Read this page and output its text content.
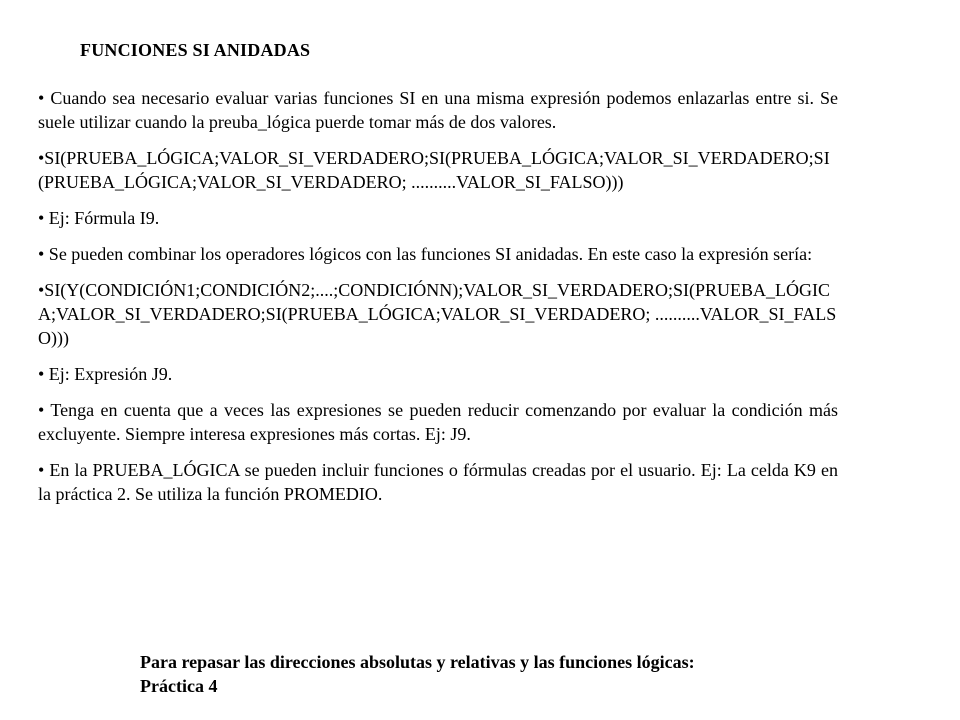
FUNCIONES SI ANIDADAS

• Cuando sea necesario evaluar varias funciones SI en una misma expresión podemos enlazarlas entre si. Se suele utilizar cuando la preuba_lógica puerde tomar más de dos valores.

•SI(PRUEBA_LÓGICA;VALOR_SI_VERDADERO;SI(PRUEBA_LÓGICA;VALOR_SI_VERDADERO;SI(PRUEBA_LÓGICA;VALOR_SI_VERDADERO; ..........VALOR_SI_FALSO)))

• Ej: Fórmula I9.

• Se pueden combinar los operadores lógicos con las funciones SI anidadas. En este caso la expresión sería:

•SI(Y(CONDICIÓN1;CONDICIÓN2;....;CONDICIÓNN);VALOR_SI_VERDADERO;SI(PRUEBA_LÓGICA;VALOR_SI_VERDADERO;SI(PRUEBA_LÓGICA;VALOR_SI_VERDADERO; ..........VALOR_SI_FALSO)))

• Ej: Expresión J9.

• Tenga en cuenta que a veces las expresiones se pueden reducir comenzando por evaluar la condición más excluyente. Siempre interesa expresiones más cortas. Ej: J9.

• En la PRUEBA_LÓGICA se pueden incluir funciones o fórmulas creadas por el usuario. Ej: La celda K9 en la práctica 2. Se utiliza la función PROMEDIO.

Para repasar las direcciones absolutas y relativas y las funciones lógicas: Práctica 4
